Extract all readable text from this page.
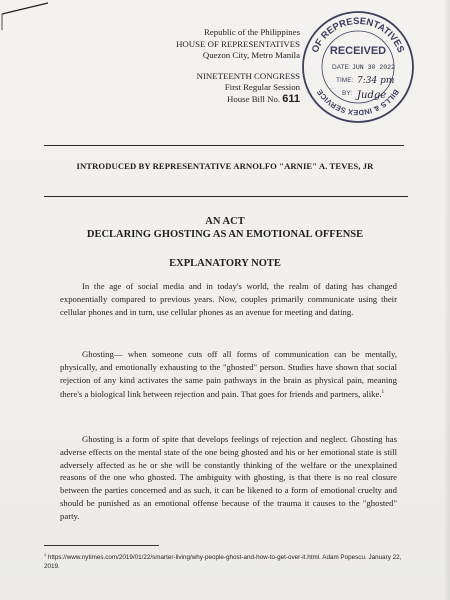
Republic of the Philippines
HOUSE OF REPRESENTATIVES
Quezon City, Metro Manila
NINETEENTH CONGRESS
First Regular Session
House Bill No. 611
OF REPRESENTATIVES
BILLS & INDEX SERVICE
RECEIVED
DATE: JUN 30 2022
TIME: 7:34 pm
BY: Judge
INTRODUCED BY REPRESENTATIVE ARNOLFO "ARNIE" A. TEVES, JR
AN ACT
DECLARING GHOSTING AS AN EMOTIONAL OFFENSE
EXPLANATORY NOTE

In the age of social media and in today's world, the realm of dating has changed exponentially compared to previous years. Now, couples primarily communicate using their cellular phones and in turn, use cellular phones as an avenue for meeting and dating.

Ghosting— when someone cuts off all forms of communication can be mentally, physically, and emotionally exhausting to the "ghosted" person. Studies have shown that social rejection of any kind activates the same pain pathways in the brain as physical pain, meaning there's a biological link between rejection and pain. That goes for friends and partners, alike.$^1$

Ghosting is a form of spite that develops feelings of rejection and neglect. Ghosting has adverse effects on the mental state of the one being ghosted and his or her emotional state is still adversely affected as he or she will be constantly thinking of the welfare or the unexplained reasons of the one who ghosted. The ambiguity with ghosting, is that there is no real closure between the parties concerned and as such, it can be likened to a form of emotional cruelty and should be punished as an emotional offense because of the trauma it causes to the "ghosted" party.

$^1$ https://www.nytimes.com/2019/01/22/smarter-living/why-people-ghost-and-how-to-get-over-it.html. Adam Popescu. January 22, 2019.
